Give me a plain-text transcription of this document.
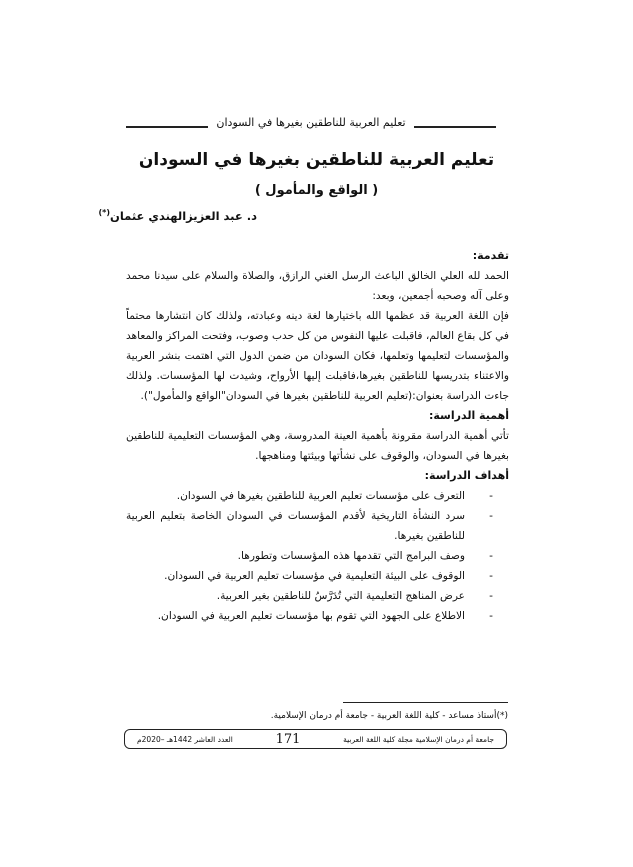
تعليم العربية للناطقين بغيرها في السودان
تعليم العربية للناطقين بغيرها في السودان
( الواقع والمأمول )
د. عبد العزيزالهندي عثمان(*)
تقدمة:

الحمد لله العلي الخالق الباعث الرسل الغني الرازق، والصلاة والسلام على سيدنا محمد وعلى آله وصحبه أجمعين، وبعد:

فإن اللغة العربية قد عظمها الله باختيارها لغة دينه وعبادته، ولذلك كان انتشارها محتماً في كل بقاع العالم، فاقبلت عليها النفوس من كل حدب وصوب، وفتحت المراكز والمعاهد والمؤسسات لتعليمها وتعلمها، فكان السودان من ضمن الدول التي اهتمت بنشر العربية والاعتناء بتدريسها للناطقين بغيرها،فاقبلت إليها الأرواح، وشيدت لها المؤسسات. ولذلك جاءت الدراسة بعنوان:(تعليم العربية للناطقين بغيرها في السودان"الواقع والمأمول").

أهمية الدراسة:

تأتي أهمية الدراسة مقرونة بأهمية العينة المدروسة، وهي المؤسسات التعليمية للناطقين بغيرها في السودان، والوقوف على نشأتها وبيئتها ومناهجها.

أهداف الدراسة:
-
التعرف على مؤسسات تعليم العربية للناطقين بغيرها في السودان.
-
سرد النشأة التاريخية لأقدم المؤسسات في السودان الخاصة بتعليم العربية للناطقين بغيرها.
-
وصف البرامج التي تقدمها هذه المؤسسات وتطورها.
-
الوقوف على البيئة التعليمية في مؤسسات تعليم العربية في السودان.
-
عرض المناهج التعليمية التي تُدَرَّسُ للناطقين بغير العربية.
-
الاطلاع على الجهود التي تقوم بها مؤسسات تعليم العربية في السودان.
(*)أستاذ مساعد - كلية اللغة العربية - جامعة أم درمان الإسلامية.
جامعة أم درمان الإسلامية مجلة كلية اللغة العربية
171
العدد العاشر 1442هـ –2020م
